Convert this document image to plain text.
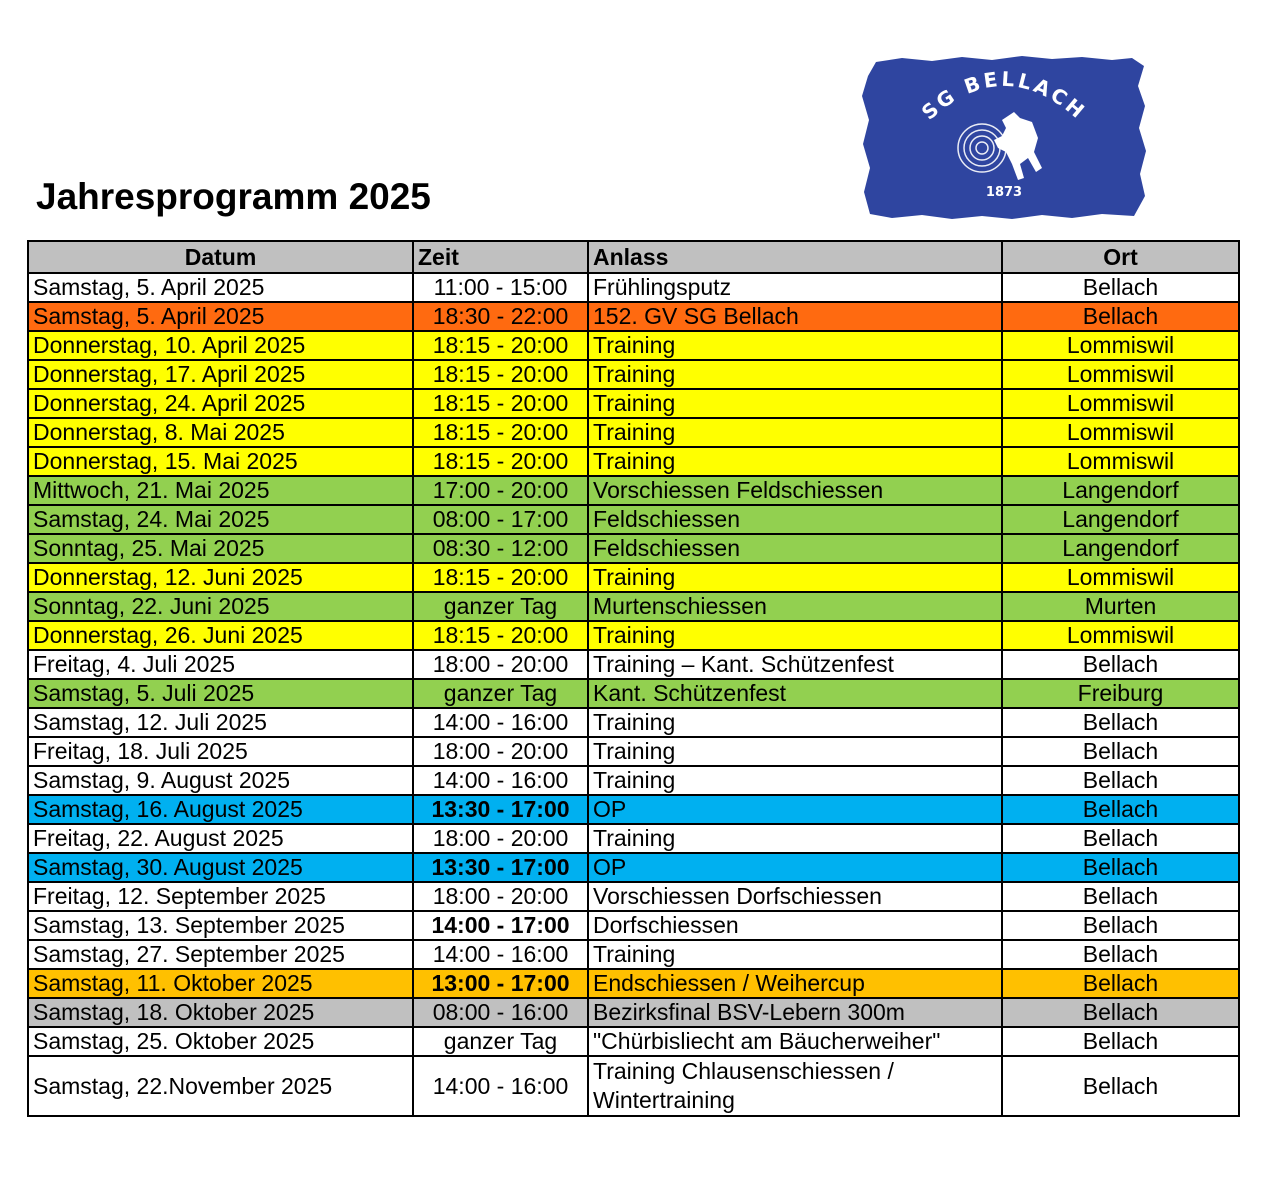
Jahresprogramm 2025
SG BELLACH
1873
Datum	Zeit	Anlass	Ort
Samstag, 5. April 2025	11:00 - 15:00	Frühlingsputz	Bellach
Samstag, 5. April 2025	18:30 - 22:00	152. GV SG Bellach	Bellach
Donnerstag, 10. April 2025	18:15 - 20:00	Training	Lommiswil
Donnerstag, 17. April 2025	18:15 - 20:00	Training	Lommiswil
Donnerstag, 24. April 2025	18:15 - 20:00	Training	Lommiswil
Donnerstag, 8. Mai 2025	18:15 - 20:00	Training	Lommiswil
Donnerstag, 15. Mai 2025	18:15 - 20:00	Training	Lommiswil
Mittwoch, 21. Mai 2025	17:00 - 20:00	Vorschiessen Feldschiessen	Langendorf
Samstag, 24. Mai 2025	08:00 - 17:00	Feldschiessen	Langendorf
Sonntag, 25. Mai 2025	08:30 - 12:00	Feldschiessen	Langendorf
Donnerstag, 12. Juni 2025	18:15 - 20:00	Training	Lommiswil
Sonntag, 22. Juni 2025	ganzer Tag	Murtenschiessen	Murten
Donnerstag, 26. Juni 2025	18:15 - 20:00	Training	Lommiswil
Freitag, 4. Juli 2025	18:00 - 20:00	Training – Kant. Schützenfest	Bellach
Samstag, 5. Juli 2025	ganzer Tag	Kant. Schützenfest	Freiburg
Samstag, 12. Juli 2025	14:00 - 16:00	Training	Bellach
Freitag, 18. Juli 2025	18:00 - 20:00	Training	Bellach
Samstag, 9. August 2025	14:00 - 16:00	Training	Bellach
Samstag, 16. August 2025	13:30 - 17:00	OP	Bellach
Freitag, 22. August 2025	18:00 - 20:00	Training	Bellach
Samstag, 30. August 2025	13:30 - 17:00	OP	Bellach
Freitag, 12. September 2025	18:00 - 20:00	Vorschiessen Dorfschiessen	Bellach
Samstag, 13. September 2025	14:00 - 17:00	Dorfschiessen	Bellach
Samstag, 27. September 2025	14:00 - 16:00	Training	Bellach
Samstag, 11. Oktober 2025	13:00 - 17:00	Endschiessen / Weihercup	Bellach
Samstag, 18. Oktober 2025	08:00 - 16:00	Bezirksfinal BSV-Lebern 300m	Bellach
Samstag, 25. Oktober 2025	ganzer Tag	"Chürbisliecht am Bäucherweiher"	Bellach
Samstag, 22.November 2025	14:00 - 16:00	Training Chlausenschiessen / Wintertraining	Bellach
